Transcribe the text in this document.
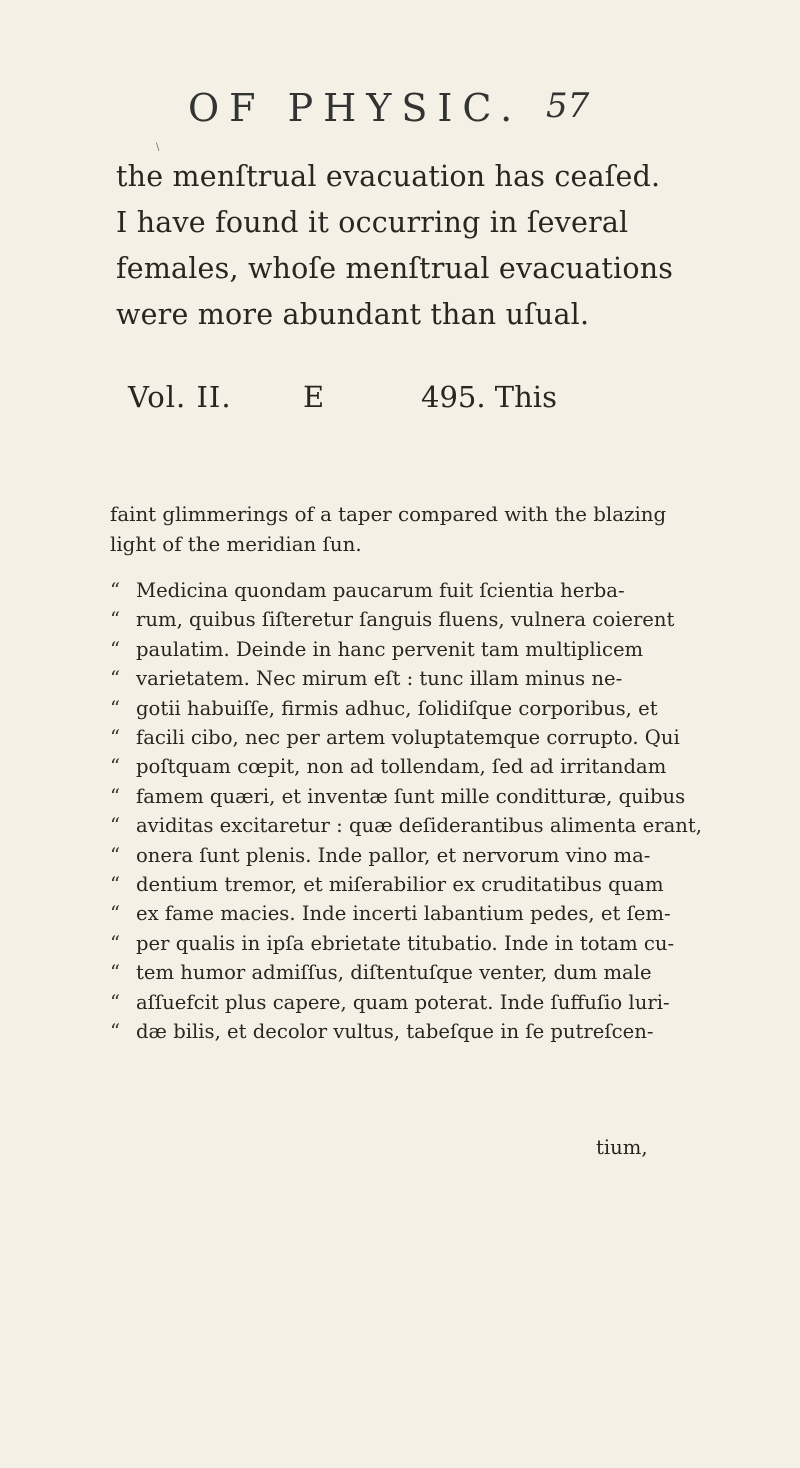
OF PHYSIC. 57
\
the menſtrual evacuation has ceaſed.
I have found it occurring in ſeveral
females, whoſe menſtrual evacuations
were more abundant than uſual.
Vol. II. E	495. This
faint glimmerings of a taper compared with the blazing
light of the meridian ſun.
“ Medicina quondam paucarum fuit ſcientia herba-
“ rum, quibus ſiſteretur ſanguis fluens, vulnera coierent
“ paulatim. Deinde in hanc pervenit tam multiplicem
“ varietatem. Nec mirum eſt : tunc illam minus ne-
“ gotii habuiſſe, firmis adhuc, ſolidiſque corporibus, et
“ facili cibo, nec per artem voluptatemque corrupto. Qui
“ poſtquam cœpit, non ad tollendam, ſed ad irritandam
“ famem quæri, et inventæ ſunt mille conditturæ, quibus
“ aviditas excitaretur : quæ deſiderantibus alimenta erant,
“ onera ſunt plenis. Inde pallor, et nervorum vino ma-
“ dentium tremor, et miſerabilior ex cruditatibus quam
“ ex fame macies. Inde incerti labantium pedes, et ſem-
“ per qualis in ipſa ebrietate titubatio. Inde in totam cu-
“ tem humor admiſſus, diſtentuſque venter, dum male
“ aſſuefcit plus capere, quam poterat. Inde ſuffuſio luri-
“ dæ bilis, et decolor vultus, tabeſque in ſe putreſcen-
tium,
